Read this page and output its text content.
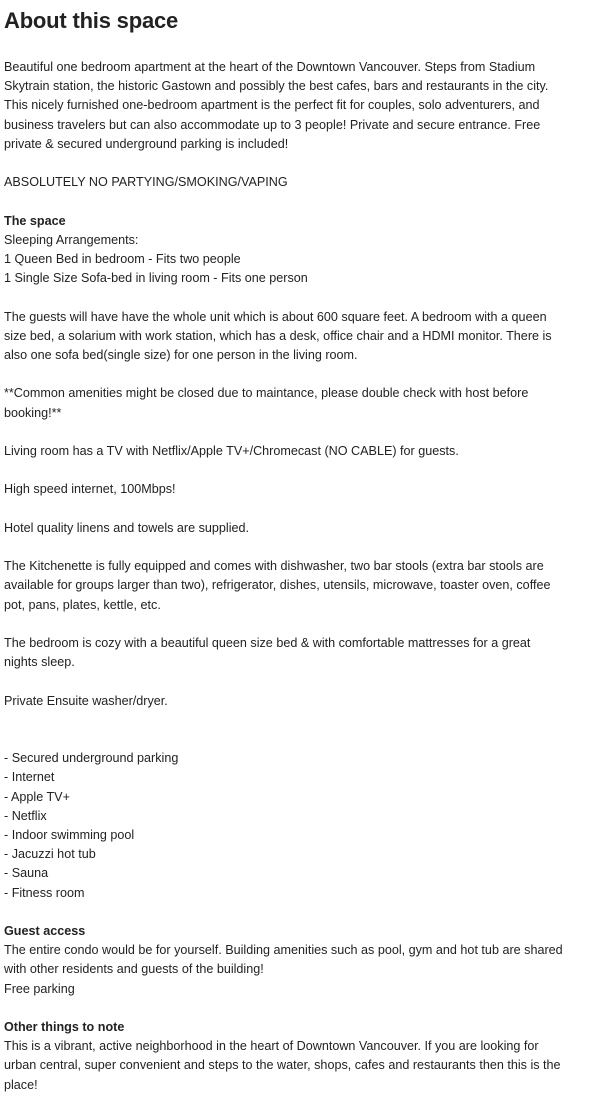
About this space
Beautiful one bedroom apartment at the heart of the Downtown Vancouver. Steps from Stadium
Skytrain station, the historic Gastown and possibly the best cafes, bars and restaurants in the city.
This nicely furnished one-bedroom apartment is the perfect fit for couples, solo adventurers, and
business travelers but can also accommodate up to 3 people! Private and secure entrance. Free
private & secured underground parking is included!
ABSOLUTELY NO PARTYING/SMOKING/VAPING
The space
Sleeping Arrangements:
1 Queen Bed in bedroom - Fits two people
1 Single Size Sofa-bed in living room - Fits one person
The guests will have have the whole unit which is about 600 square feet. A bedroom with a queen
size bed, a solarium with work station, which has a desk, office chair and a HDMI monitor. There is
also one sofa bed(single size) for one person in the living room.
**Common amenities might be closed due to maintance, please double check with host before
booking!**
Living room has a TV with Netflix/Apple TV+/Chromecast (NO CABLE) for guests.
High speed internet, 100Mbps!
Hotel quality linens and towels are supplied.
The Kitchenette is fully equipped and comes with dishwasher, two bar stools (extra bar stools are
available for groups larger than two), refrigerator, dishes, utensils, microwave, toaster oven, coffee
pot, pans, plates, kettle, etc.
The bedroom is cozy with a beautiful queen size bed & with comfortable mattresses for a great
nights sleep.
Private Ensuite washer/dryer.
- Secured underground parking
- Internet
- Apple TV+
- Netflix
- Indoor swimming pool
- Jacuzzi hot tub
- Sauna
- Fitness room
Guest access
The entire condo would be for yourself. Building amenities such as pool, gym and hot tub are shared
with other residents and guests of the building!
Free parking
Other things to note
This is a vibrant, active neighborhood in the heart of Downtown Vancouver. If you are looking for
urban central, super convenient and steps to the water, shops, cafes and restaurants then this is the
place!
